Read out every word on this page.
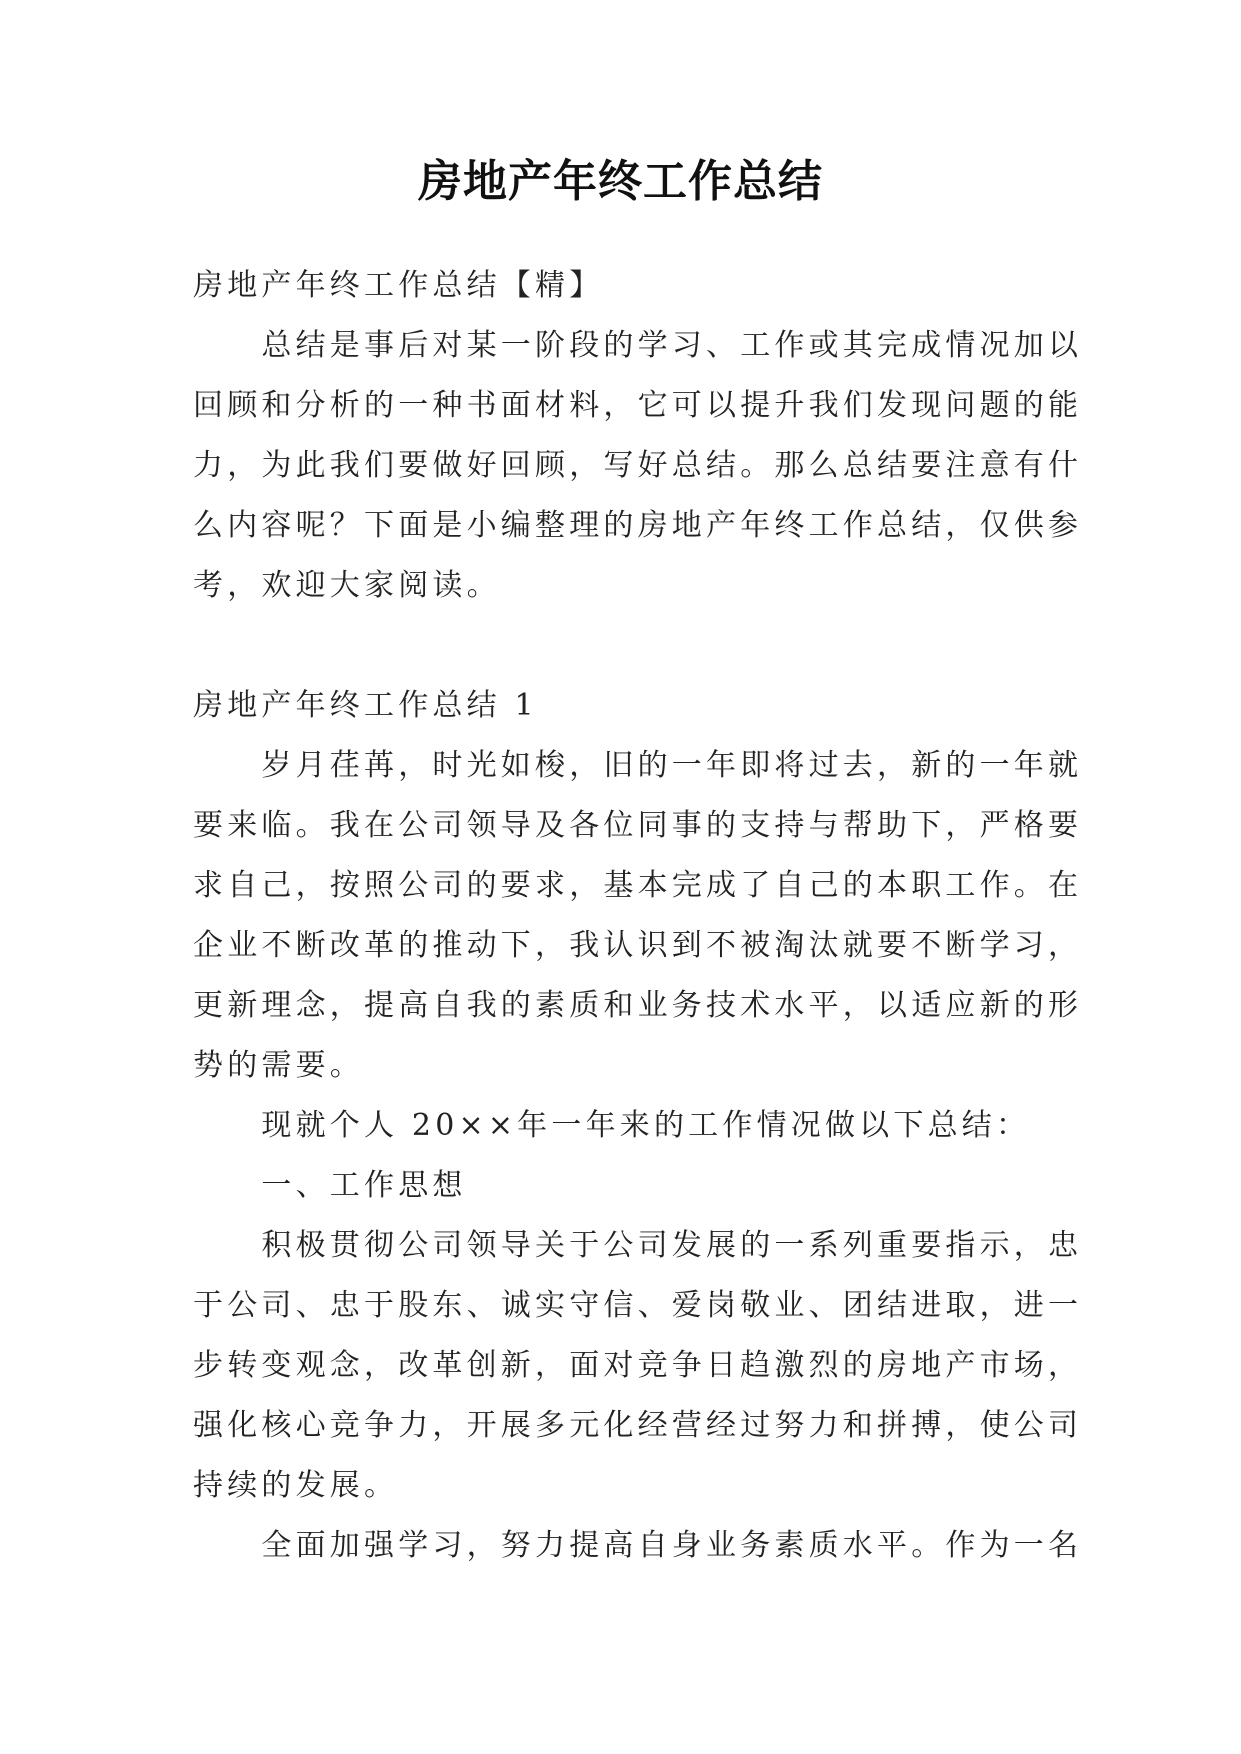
房地产年终工作总结
房地产年终工作总结【精】
　　总结是事后对某一阶段的学习、工作或其完成情况加以
回顾和分析的一种书面材料，它可以提升我们发现问题的能
力，为此我们要做好回顾，写好总结。那么总结要注意有什
么内容呢？下面是小编整理的房地产年终工作总结，仅供参
考，欢迎大家阅读。
房地产年终工作总结 1
　　岁月荏苒，时光如梭，旧的一年即将过去，新的一年就
要来临。我在公司领导及各位同事的支持与帮助下，严格要
求自己，按照公司的要求，基本完成了自己的本职工作。在
企业不断改革的推动下，我认识到不被淘汰就要不断学习，
更新理念，提高自我的素质和业务技术水平，以适应新的形
势的需要。
　　现就个人 20××年一年来的工作情况做以下总结：
　　一、工作思想
　　积极贯彻公司领导关于公司发展的一系列重要指示，忠
于公司、忠于股东、诚实守信、爱岗敬业、团结进取，进一
步转变观念，改革创新，面对竞争日趋激烈的房地产市场，
强化核心竞争力，开展多元化经营经过努力和拼搏，使公司
持续的发展。
　　全面加强学习，努力提高自身业务素质水平。作为一名
